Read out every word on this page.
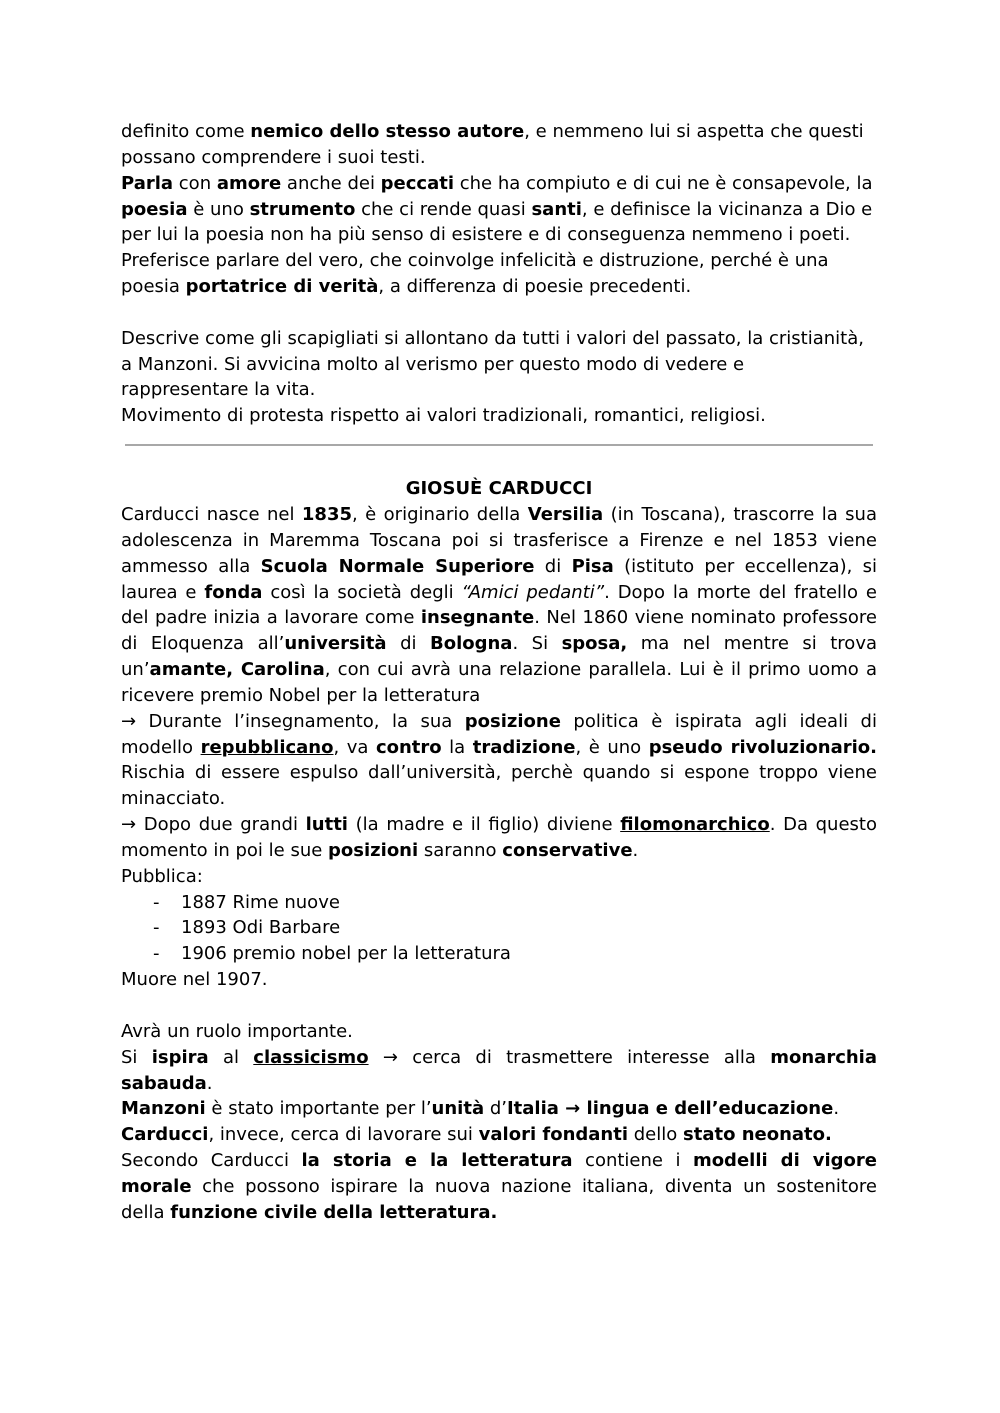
definito come nemico dello stesso autore, e nemmeno lui si aspetta che questi possano comprendere i suoi testi.

Parla con amore anche dei peccati che ha compiuto e di cui ne è consapevole, la poesia è uno strumento che ci rende quasi santi, e definisce la vicinanza a Dio e per lui la poesia non ha più senso di esistere e di conseguenza nemmeno i poeti.

Preferisce parlare del vero, che coinvolge infelicità e distruzione, perché è una poesia portatrice di verità, a differenza di poesie precedenti.

Descrive come gli scapigliati si allontano da tutti i valori del passato, la cristianità, a Manzoni. Si avvicina molto al verismo per questo modo di vedere e rappresentare la vita.

Movimento di protesta rispetto ai valori tradizionali, romantici, religiosi.

GIOSUÈ CARDUCCI

Carducci nasce nel 1835, è originario della Versilia (in Toscana), trascorre la sua adolescenza in Maremma Toscana poi si trasferisce a Firenze e nel 1853 viene ammesso alla Scuola Normale Superiore di Pisa (istituto per eccellenza), si laurea e fonda così la società degli “Amici pedanti”. Dopo la morte del fratello e del padre inizia a lavorare come insegnante. Nel 1860 viene nominato professore di Eloquenza all’università di Bologna. Si sposa, ma nel mentre si trova un’amante, Carolina, con cui avrà una relazione parallela. Lui è il primo uomo a ricevere premio Nobel per la letteratura

→ Durante l’insegnamento, la sua posizione politica è ispirata agli ideali di modello repubblicano, va contro la tradizione, è uno pseudo rivoluzionario. Rischia di essere espulso dall’università, perchè quando si espone troppo viene minacciato.

→ Dopo due grandi lutti (la madre e il figlio) diviene filomonarchico. Da questo momento in poi le sue posizioni saranno conservative.

Pubblica:

- 1887 Rime nuove
- 1893 Odi Barbare
- 1906 premio nobel per la letteratura

Muore nel 1907.

Avrà un ruolo importante.

Si ispira al classicismo → cerca di trasmettere interesse alla monarchia sabauda.

Manzoni è stato importante per l’unità d’Italia → lingua e dell’educazione.

Carducci, invece, cerca di lavorare sui valori fondanti dello stato neonato.

Secondo Carducci la storia e la letteratura contiene i modelli di vigore morale che possono ispirare la nuova nazione italiana, diventa un sostenitore della funzione civile della letteratura.
